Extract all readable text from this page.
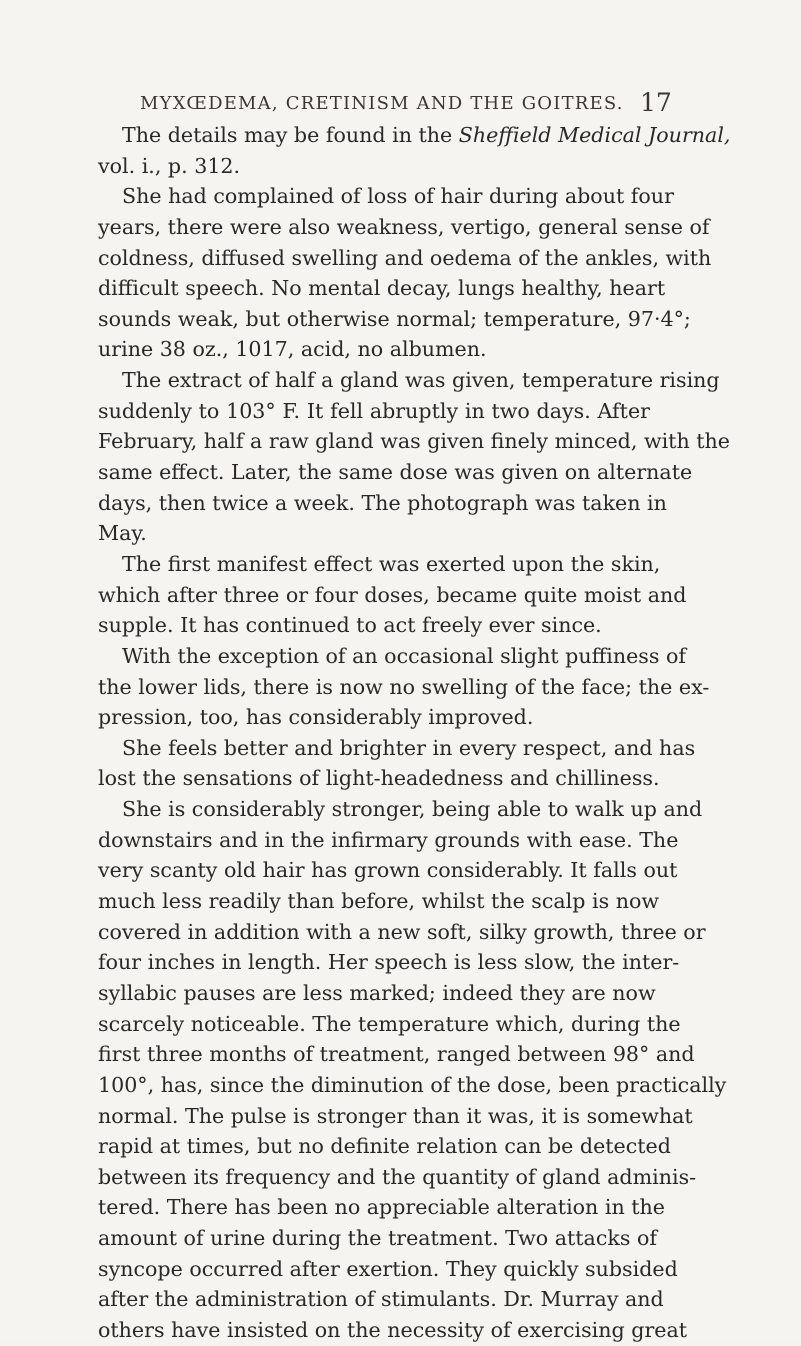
MYXŒDEMA, CRETINISM AND THE GOITRES. 17
The details may be found in the Sheffield Medical Journal,
vol. i., p. 312.
She had complained of loss of hair during about four
years, there were also weakness, vertigo, general sense of
coldness, diffused swelling and oedema of the ankles, with
difficult speech. No mental decay, lungs healthy, heart
sounds weak, but otherwise normal; temperature, 97·4°;
urine 38 oz., 1017, acid, no albumen.
The extract of half a gland was given, temperature rising
suddenly to 103° F. It fell abruptly in two days. After
February, half a raw gland was given finely minced, with the
same effect. Later, the same dose was given on alternate
days, then twice a week. The photograph was taken in
May.
The first manifest effect was exerted upon the skin,
which after three or four doses, became quite moist and
supple. It has continued to act freely ever since.
With the exception of an occasional slight puffiness of
the lower lids, there is now no swelling of the face; the ex-
pression, too, has considerably improved.
She feels better and brighter in every respect, and has
lost the sensations of light-headedness and chilliness.
She is considerably stronger, being able to walk up and
downstairs and in the infirmary grounds with ease. The
very scanty old hair has grown considerably. It falls out
much less readily than before, whilst the scalp is now
covered in addition with a new soft, silky growth, three or
four inches in length. Her speech is less slow, the inter-
syllabic pauses are less marked; indeed they are now
scarcely noticeable. The temperature which, during the
first three months of treatment, ranged between 98° and
100°, has, since the diminution of the dose, been practically
normal. The pulse is stronger than it was, it is somewhat
rapid at times, but no definite relation can be detected
between its frequency and the quantity of gland adminis-
tered. There has been no appreciable alteration in the
amount of urine during the treatment. Two attacks of
syncope occurred after exertion. They quickly subsided
after the administration of stimulants. Dr. Murray and
others have insisted on the necessity of exercising great
